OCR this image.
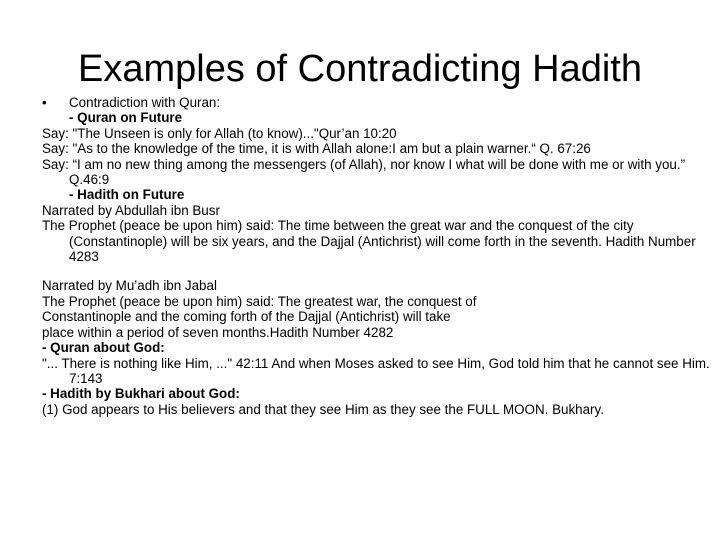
Examples of Contradicting Hadith

• Contradiction with Quran:

- Quran on Future

Say: "The Unseen is only for Allah (to know)..."Qur’an 10:20

Say: "As to the knowledge of the time, it is with Allah alone:I am but a plain warner.“ Q. 67:26

Say: “I am no new thing among the messengers (of Allah), nor know I what will be done with me or with you.” Q.46:9

- Hadith on Future

Narrated by Abdullah ibn Busr

The Prophet (peace be upon him) said: The time between the great war and the conquest of the city (Constantinople) will be six years, and the Dajjal (Antichrist) will come forth in the seventh. Hadith Number 4283

Narrated by Mu’adh ibn Jabal

The Prophet (peace be upon him) said: The greatest war, the conquest of

Constantinople and the coming forth of the Dajjal (Antichrist) will take

place within a period of seven months.Hadith Number 4282

- Quran about God:

"... There is nothing like Him, ..." 42:11 And when Moses asked to see Him, God told him that he cannot see Him. 7:143

- Hadith by Bukhari about God:

(1) God appears to His believers and that they see Him as they see the FULL MOON. Bukhary.
